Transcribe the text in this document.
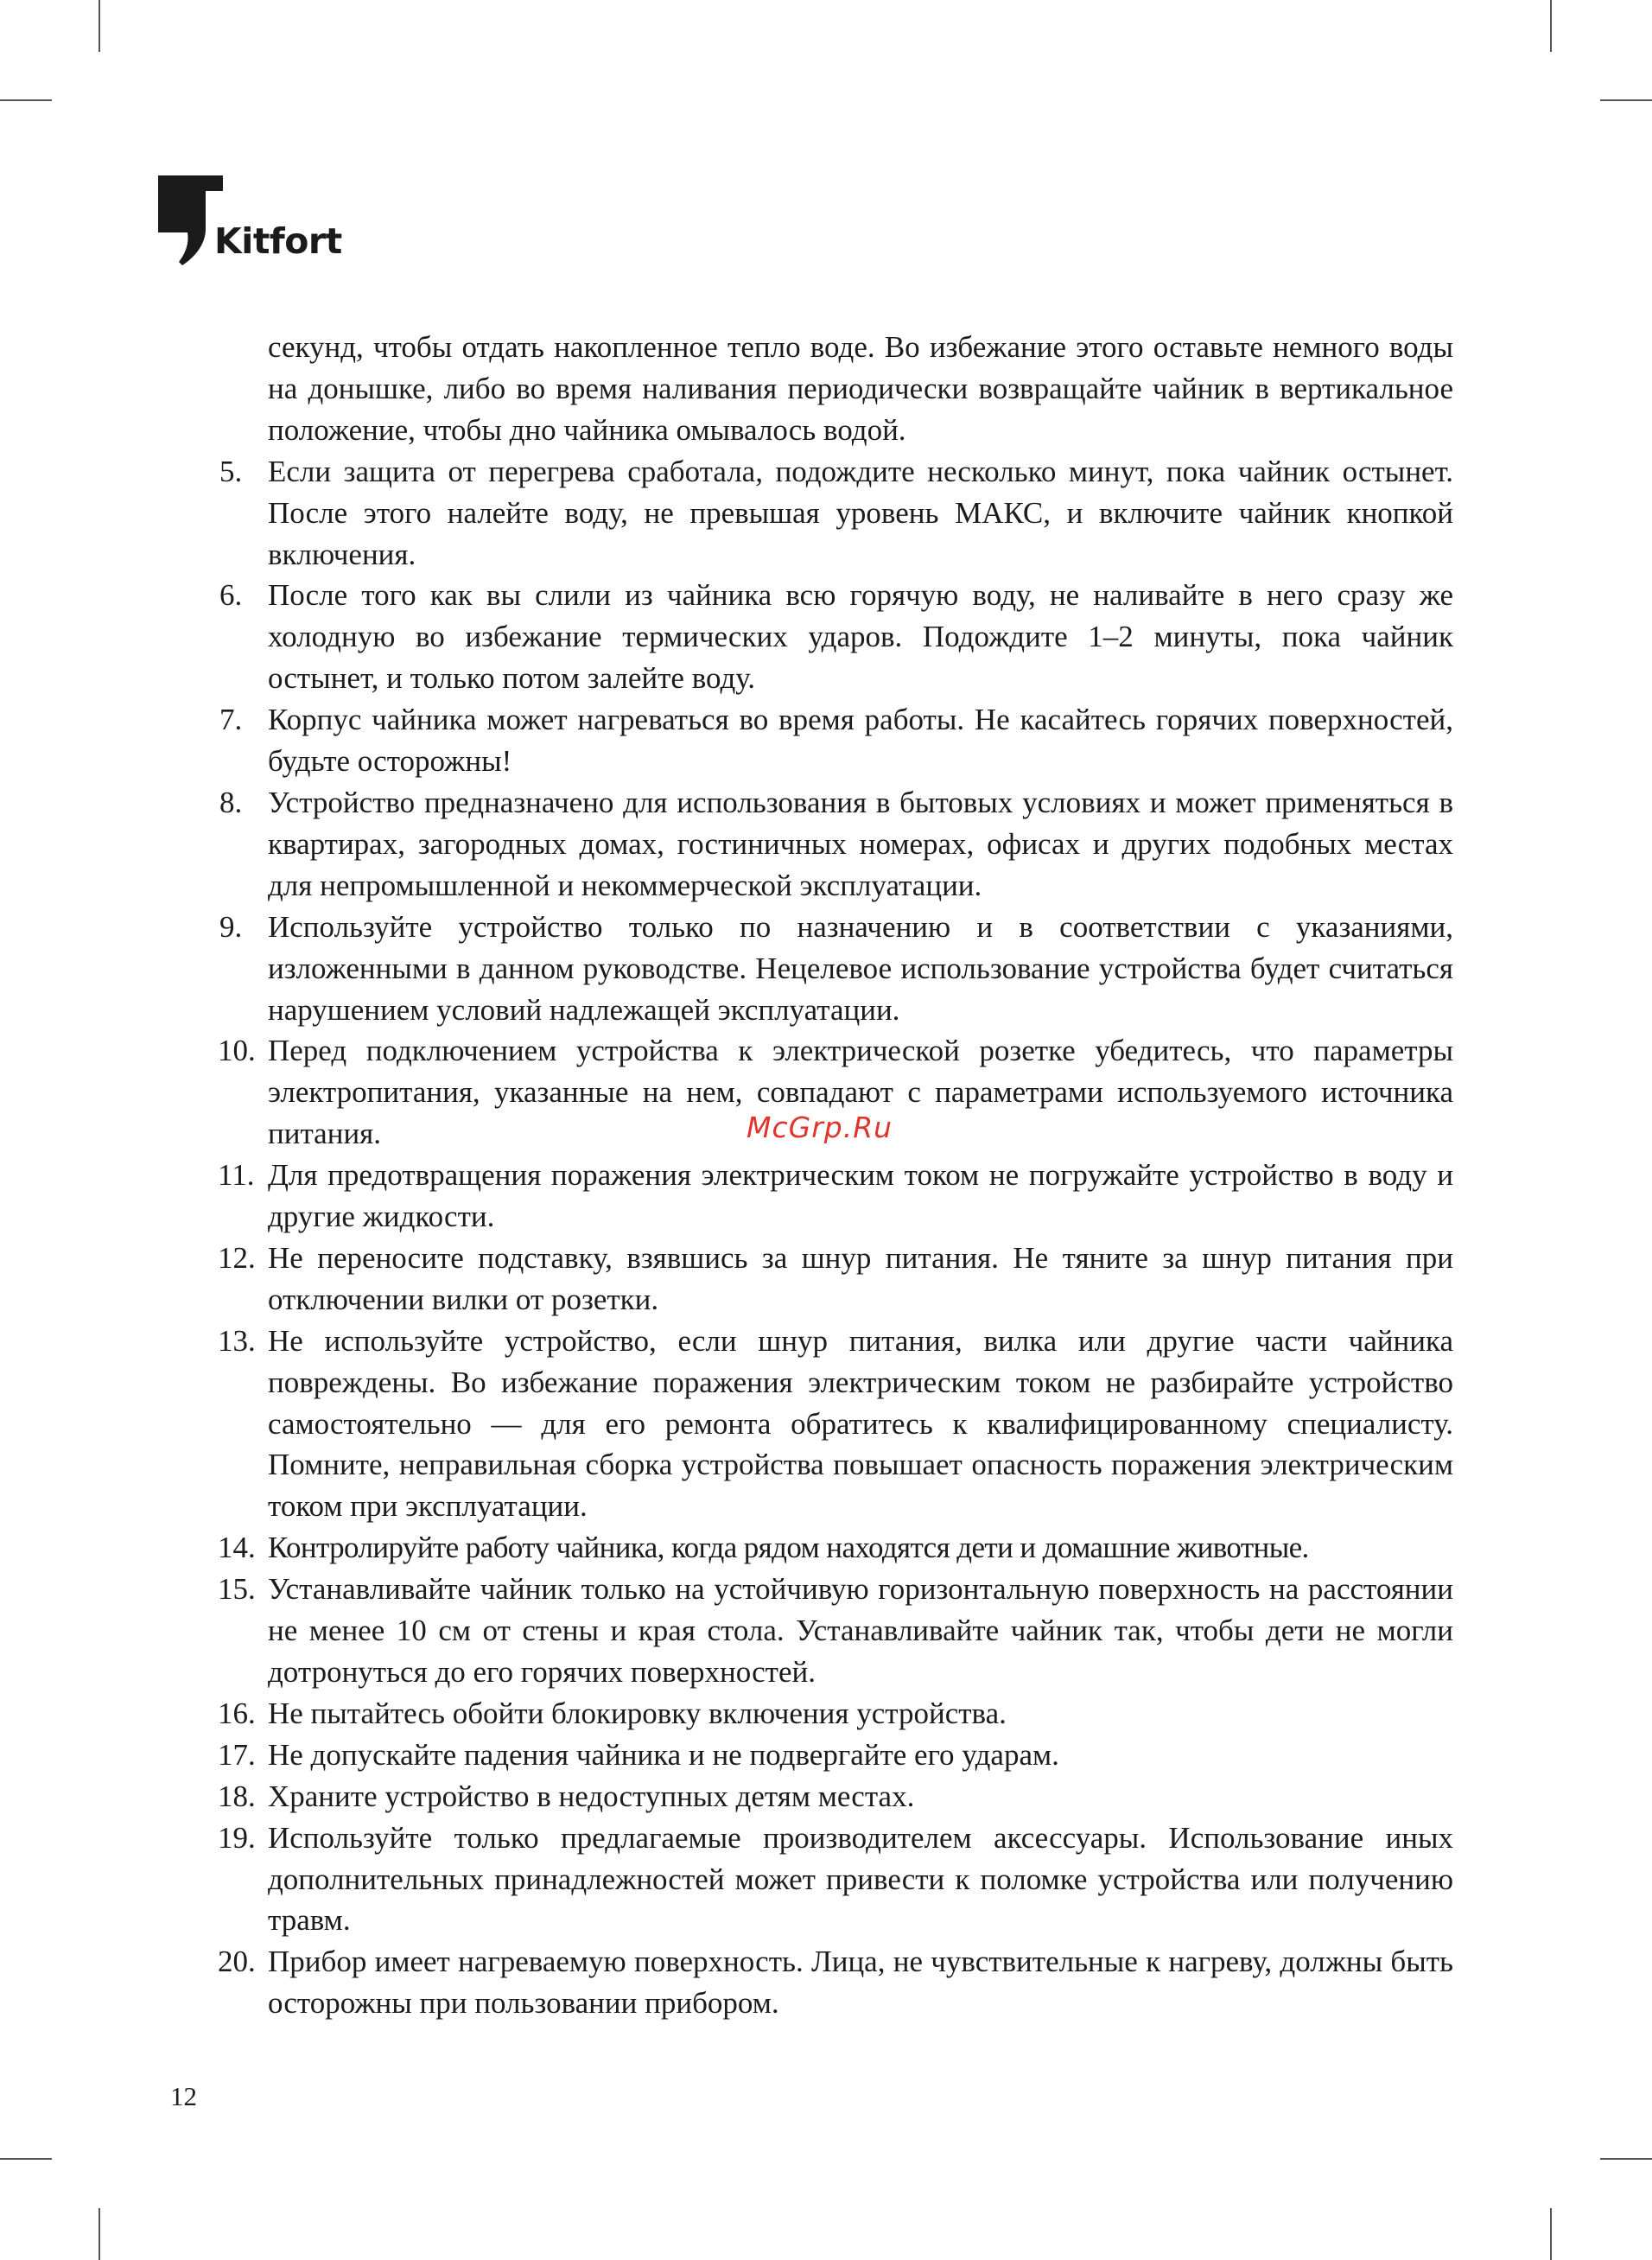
Kitfort

секунд, чтобы отдать накопленное тепло воде. Во избежание этого оставьте немного воды на донышке, либо во время наливания периодически возвращайте чайник в вертикальное положение, чтобы дно чайника омывалось водой.

5. Если защита от перегрева сработала, подождите несколько минут, пока чайник остынет. После этого налейте воду, не превышая уровень МАКС, и включите чайник кнопкой включения.
6. После того как вы слили из чайника всю горячую воду, не наливайте в него сразу же холодную во избежание термических ударов. Подождите 1–2 минуты, пока чайник остынет, и только потом залейте воду.
7. Корпус чайника может нагреваться во время работы. Не касайтесь горячих поверхностей, будьте осторожны!
8. Устройство предназначено для использования в бытовых условиях и может применяться в квартирах, загородных домах, гостиничных номерах, офисах и других подобных местах для непромышленной и некоммерческой эксплуатации.
9. Используйте устройство только по назначению и в соответствии с указаниями, изложенными в данном руководстве. Нецелевое использование устройства будет считаться нарушением условий надлежащей эксплуатации.
10. Перед подключением устройства к электрической розетке убедитесь, что параметры электропитания, указанные на нем, совпадают с параметрами используемого источника питания.
11. Для предотвращения поражения электрическим током не погружайте устройство в воду и другие жидкости.
12. Не переносите подставку, взявшись за шнур питания. Не тяните за шнур питания при отключении вилки от розетки.
13. Не используйте устройство, если шнур питания, вилка или другие части чайника повреждены. Во избежание поражения электрическим током не разбирайте устройство самостоятельно — для его ремонта обратитесь к квалифицированному специалисту. Помните, неправильная сборка устройства повышает опасность поражения электрическим током при эксплуатации.
14. Контролируйте работу чайника, когда рядом находятся дети и домашние животные.
15. Устанавливайте чайник только на устойчивую горизонтальную поверхность на расстоянии не менее 10 см от стены и края стола. Устанавливайте чайник так, чтобы дети не могли дотронуться до его горячих поверхностей.
16. Не пытайтесь обойти блокировку включения устройства.
17. Не допускайте падения чайника и не подвергайте его ударам.
18. Храните устройство в недоступных детям местах.
19. Используйте только предлагаемые производителем аксессуары. Использование иных дополнительных принадлежностей может привести к поломке устройства или получению травм.
20. Прибор имеет нагреваемую поверхность. Лица, не чувствительные к нагреву, должны быть осторожны при пользовании прибором.
McGrp.Ru
12
